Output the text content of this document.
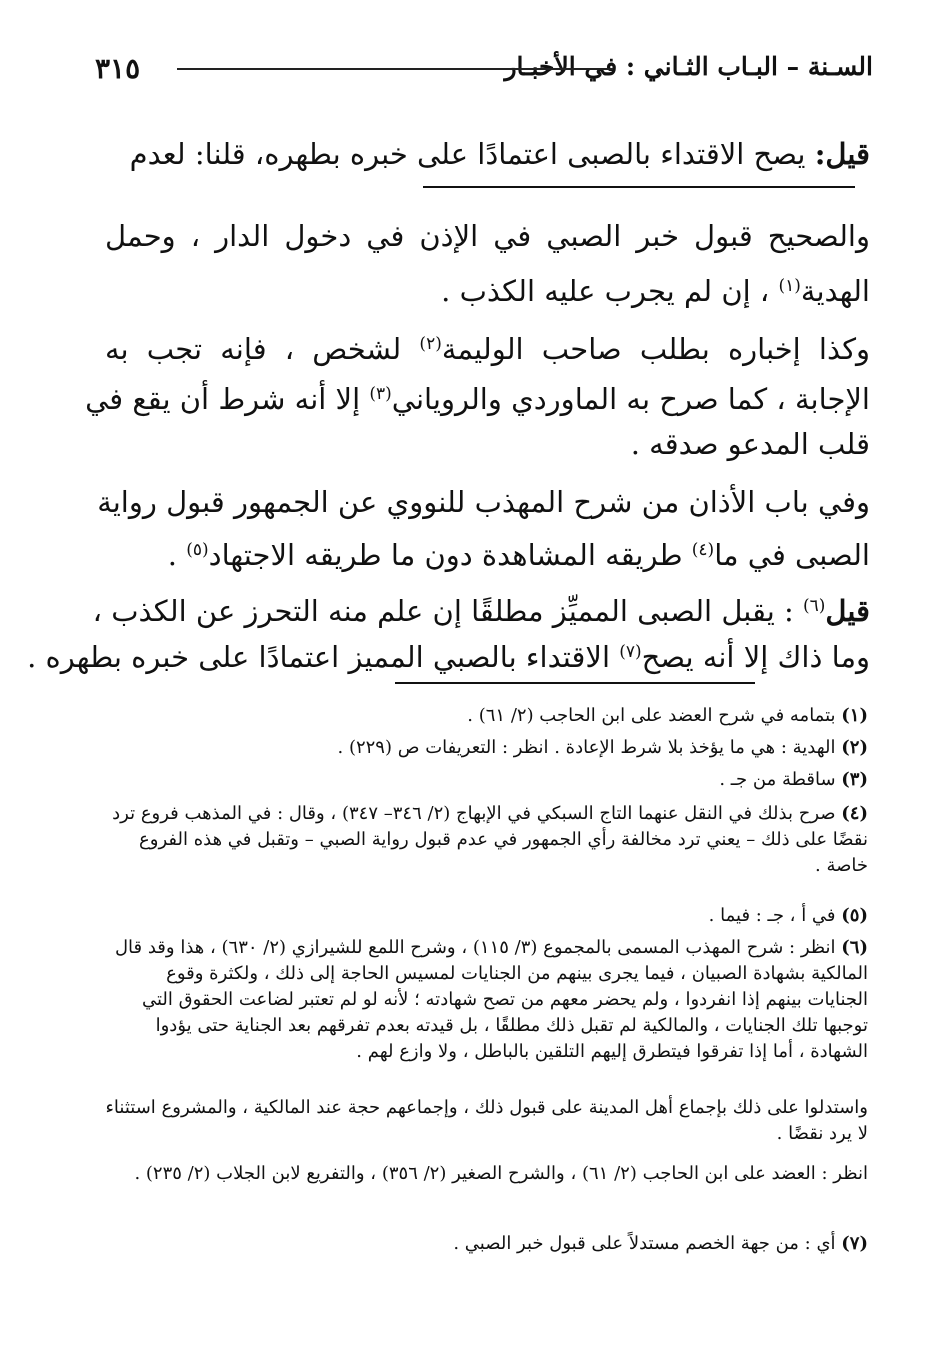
السـنة – البـاب الثـاني : في الأخبـار
٣١٥
قيل: يصح الاقتداء بالصبى اعتمادًا على خبره بطهره، قلنا: لعدم
والصحيح قبول خبر الصبي في الإذن في دخول الدار ، وحمل
الهدية$^{(١)}$ ، إن لم يجرب عليه الكذب .
وكذا إخباره بطلب صاحب الوليمة$^{(٢)}$ لشخص ، فإنه تجب به
الإجابة ، كما صرح به الماوردي والروياني$^{(٣)}$ إلا أنه شرط أن يقع في
قلب المدعو صدقه .
وفي باب الأذان من شرح المهذب للنووي عن الجمهور قبول رواية
الصبى في ما$^{(٤)}$ طريقه المشاهدة دون ما طريقه الاجتهاد$^{(٥)}$ .
قيل$^{(٦)}$ : يقبل الصبى المميِّز مطلقًا إن علم منه التحرز عن الكذب ،
وما ذاك إلا أنه يصح$^{(٧)}$ الاقتداء بالصبي المميز اعتمادًا على خبره بطهره .
(١) بتمامه في شرح العضد على ابن الحاجب (٢/ ٦١) .
(٢) الهدية : هي ما يؤخذ بلا شرط الإعادة . انظر : التعريفات ص (٢٢٩) .
(٣) ساقطة من جـ .
(٤) صرح بذلك في النقل عنهما التاج السبكي في الإبهاج (٢/ ٣٤٦– ٣٤٧) ، وقال : في المذهب فروع ترد نقضًا على ذلك – يعني ترد مخالفة رأي الجمهور في عدم قبول رواية الصبي – وتقبل في هذه الفروع خاصة .
(٥) في أ ، جـ : فيما .
(٦) انظر : شرح المهذب المسمى بالمجموع (٣/ ١١٥) ، وشرح اللمع للشيرازي (٢/ ٦٣٠) ، هذا وقد قال المالكية بشهادة الصبيان ، فيما يجرى بينهم من الجنايات لمسيس الحاجة إلى ذلك ، ولكثرة وقوع الجنايات بينهم إذا انفردوا ، ولم يحضر معهم من تصح شهادته ؛ لأنه لو لم تعتبر لضاعت الحقوق التي توجبها تلك الجنايات ، والمالكية لم تقبل ذلك مطلقًا ، بل قيدته بعدم تفرقهم بعد الجناية حتى يؤدوا الشهادة ، أما إذا تفرقوا فيتطرق إليهم التلقين بالباطل ، ولا وازع لهم .
واستدلوا على ذلك بإجماع أهل المدينة على قبول ذلك ، وإجماعهم حجة عند المالكية ، والمشروع استثناء لا يرد نقضًا .
انظر : العضد على ابن الحاجب (٢/ ٦١) ، والشرح الصغير (٢/ ٣٥٦) ، والتفريع لابن الجلاب (٢/ ٢٣٥) .
(٧) أي : من جهة الخصم مستدلاً على قبول خبر الصبي .
